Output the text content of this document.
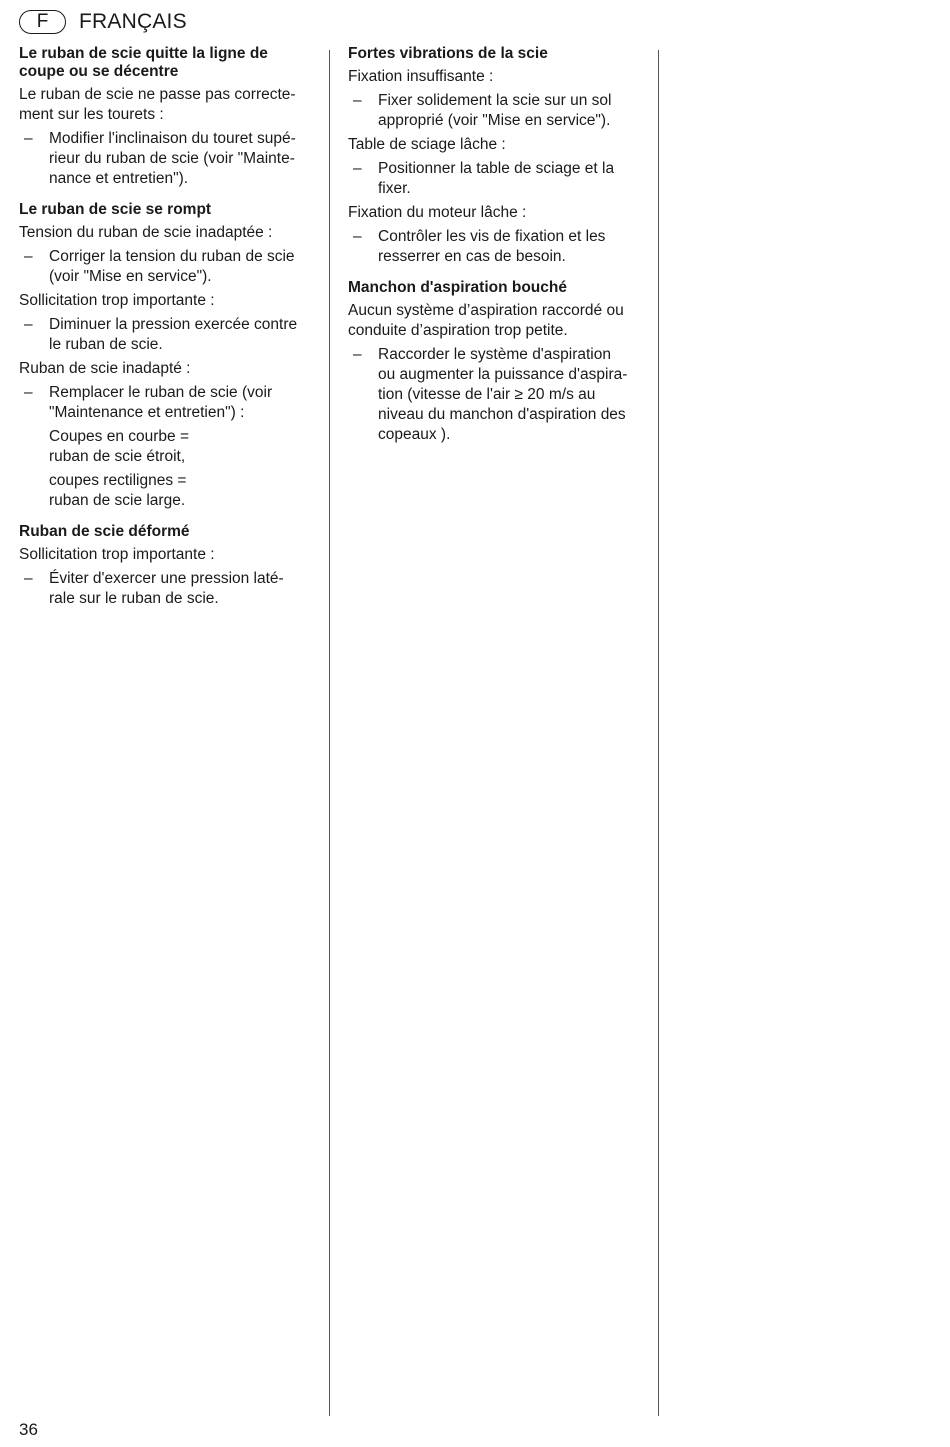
F	FRANÇAIS

Le ruban de scie quitte la ligne de coupe ou se décentre

Le ruban de scie ne passe pas correcte-
ment sur les tourets :

– Modifier l'inclinaison du touret supé-
rieur du ruban de scie (voir "Mainte-
nance et entretien").

Le ruban de scie se rompt

Tension du ruban de scie inadaptée :

– Corriger la tension du ruban de scie
(voir "Mise en service").

Sollicitation trop importante :

– Diminuer la pression exercée contre
le ruban de scie.

Ruban de scie inadapté :

– Remplacer le ruban de scie (voir
"Maintenance et entretien") :

Coupes en courbe =
ruban de scie étroit,

coupes rectilignes =
ruban de scie large.

Ruban de scie déformé

Sollicitation trop importante :

– Éviter d'exercer une pression laté-
rale sur le ruban de scie.

Fortes vibrations de la scie

Fixation insuffisante :

– Fixer solidement la scie sur un sol
approprié (voir "Mise en service").

Table de sciage lâche :

– Positionner la table de sciage et la
fixer.

Fixation du moteur lâche :

– Contrôler les vis de fixation et les
resserrer en cas de besoin.

Manchon d'aspiration bouché

Aucun système d’aspiration raccordé ou
conduite d’aspiration trop petite.

– Raccorder le système d'aspiration
ou augmenter la puissance d'aspira-
tion (vitesse de l'air ≥ 20 m/s au
niveau du manchon d'aspiration des
copeaux ).
36
